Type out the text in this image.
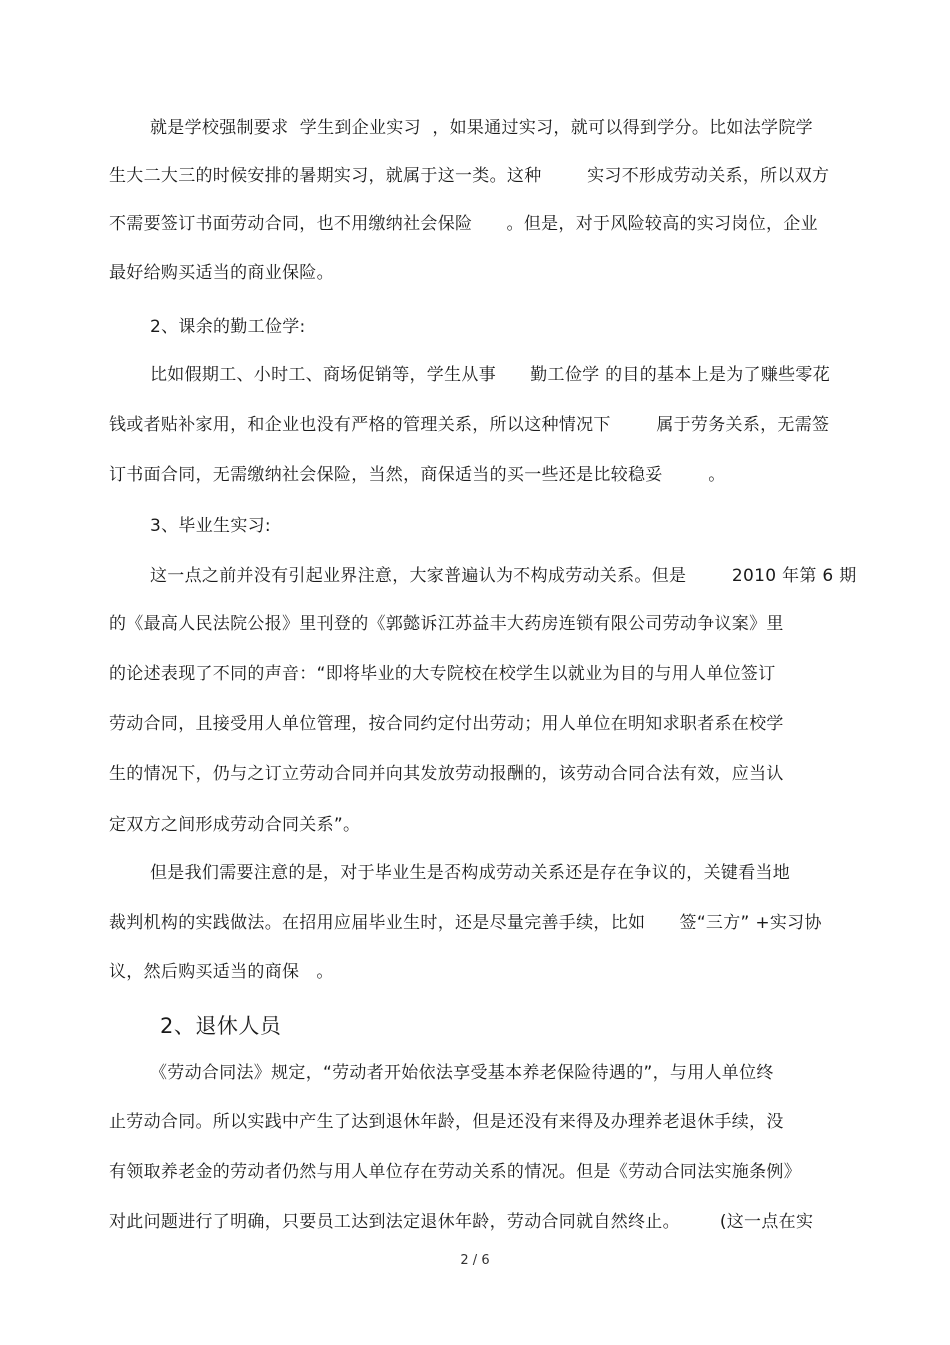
就是学校强制要求  学生到企业实习  ，如果通过实习，就可以得到学分。比如法学院学
生大二大三的时候安排的暑期实习，就属于这一类。这种        实习不形成劳动关系，所以双方
不需要签订书面劳动合同，也不用缴纳社会保险      。但是，对于风险较高的实习岗位，企业
最好给购买适当的商业保险。
2、课余的勤工俭学:
比如假期工、小时工、商场促销等，学生从事      勤工俭学 的目的基本上是为了赚些零花
钱或者贴补家用，和企业也没有严格的管理关系，所以这种情况下        属于劳务关系，无需签
订书面合同，无需缴纳社会保险，当然，商保适当的买一些还是比较稳妥        。
3、毕业生实习:
这一点之前并没有引起业界注意，大家普遍认为不构成劳动关系。但是        2010 年第 6 期
的《最高人民法院公报》里刊登的《郭懿诉江苏益丰大药房连锁有限公司劳动争议案》里
的论述表现了不同的声音：“即将毕业的大专院校在校学生以就业为目的与用人单位签订
劳动合同，且接受用人单位管理，按合同约定付出劳动；用人单位在明知求职者系在校学
生的情况下，仍与之订立劳动合同并向其发放劳动报酬的，该劳动合同合法有效，应当认
定双方之间形成劳动合同关系”。
但是我们需要注意的是，对于毕业生是否构成劳动关系还是存在争议的，关键看当地
裁判机构的实践做法。在招用应届毕业生时，还是尽量完善手续，比如      签“三方” +实习协
议，然后购买适当的商保   。
2、退休人员
《劳动合同法》规定，“劳动者开始依法享受基本养老保险待遇的”，与用人单位终
止劳动合同。所以实践中产生了达到退休年龄，但是还没有来得及办理养老退休手续，没
有领取养老金的劳动者仍然与用人单位存在劳动关系的情况。但是《劳动合同法实施条例》
对此问题进行了明确，只要员工达到法定退休年龄，劳动合同就自然终止。       (这一点在实
2 / 6
